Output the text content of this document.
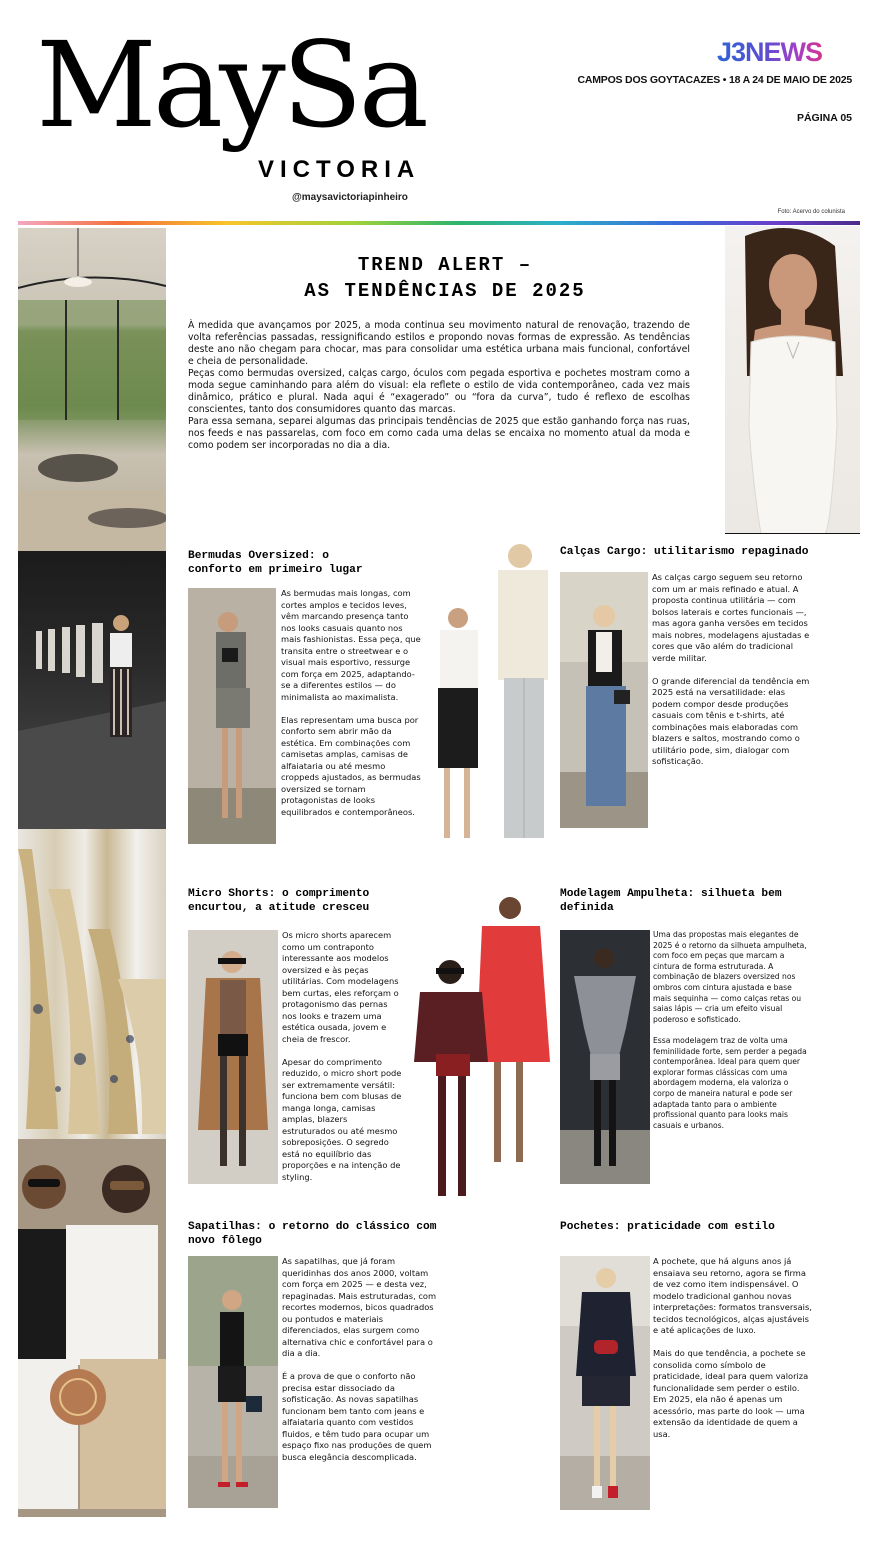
MaySa
VICTORIA
@maysavictoriapinheiro
J3NEWS
CAMPOS DOS GOYTACAZES • 18 A 24 DE MAIO DE 2025
PÁGINA 05
Foto: Acervo do colunista
TREND ALERT –
AS TENDÊNCIAS DE 2025

À medida que avançamos por 2025, a moda continua seu movimento natural de renovação, trazendo de volta referências passadas, ressignificando estilos e propondo novas formas de expressão. As tendências deste ano não chegam para chocar, mas para consolidar uma estética urbana mais funcional, confortável e cheia de personalidade.

Peças como bermudas oversized, calças cargo, óculos com pegada esportiva e pochetes mostram como a moda segue caminhando para além do visual: ela reflete o estilo de vida contemporâneo, cada vez mais dinâmico, prático e plural. Nada aqui é “exagerado” ou “fora da curva”, tudo é reflexo de escolhas conscientes, tanto dos consumidores quanto das marcas.

Para essa semana, separei algumas das principais tendências de 2025 que estão ganhando força nas ruas, nos feeds e nas passarelas, com foco em como cada uma delas se encaixa no momento atual da moda e como podem ser incorporadas no dia a dia.

Bermudas Oversized: o conforto em primeiro lugar

As bermudas mais longas, com cortes amplos e tecidos leves, vêm marcando presença tanto nos looks casuais quanto nos mais fashionistas. Essa peça, que transita entre o streetwear e o visual mais esportivo, ressurge com força em 2025, adaptando-se a diferentes estilos — do minimalista ao maximalista.

Elas representam uma busca por conforto sem abrir mão da estética. Em combinações com camisetas amplas, camisas de alfaiataria ou até mesmo croppeds ajustados, as bermudas oversized se tornam protagonistas de looks equilibrados e contemporâneos.

Calças Cargo: utilitarismo repaginado

As calças cargo seguem seu retorno com um ar mais refinado e atual. A proposta continua utilitária — com bolsos laterais e cortes funcionais —, mas agora ganha versões em tecidos mais nobres, modelagens ajustadas e cores que vão além do tradicional verde militar.

O grande diferencial da tendência em 2025 está na versatilidade: elas podem compor desde produções casuais com tênis e t-shirts, até combinações mais elaboradas com blazers e saltos, mostrando como o utilitário pode, sim, dialogar com sofisticação.

Micro Shorts: o comprimento encurtou, a atitude cresceu

Os micro shorts aparecem como um contraponto interessante aos modelos oversized e às peças utilitárias. Com modelagens bem curtas, eles reforçam o protagonismo das pernas nos looks e trazem uma estética ousada, jovem e cheia de frescor.

Apesar do comprimento reduzido, o micro short pode ser extremamente versátil: funciona bem com blusas de manga longa, camisas amplas, blazers estruturados ou até mesmo sobreposições. O segredo está no equilíbrio das proporções e na intenção de styling.

Modelagem Ampulheta: silhueta bem definida

Uma das propostas mais elegantes de 2025 é o retorno da silhueta ampulheta, com foco em peças que marcam a cintura de forma estruturada. A combinação de blazers oversized nos ombros com cintura ajustada e base mais sequinha — como calças retas ou saias lápis — cria um efeito visual poderoso e sofisticado.

Essa modelagem traz de volta uma feminilidade forte, sem perder a pegada contemporânea. Ideal para quem quer explorar formas clássicas com uma abordagem moderna, ela valoriza o corpo de maneira natural e pode ser adaptada tanto para o ambiente profissional quanto para looks mais casuais e urbanos.

Sapatilhas: o retorno do clássico com novo fôlego

As sapatilhas, que já foram queridinhas dos anos 2000, voltam com força em 2025 — e desta vez, repaginadas. Mais estruturadas, com recortes modernos, bicos quadrados ou pontudos e materiais diferenciados, elas surgem como alternativa chic e confortável para o dia a dia.

É a prova de que o conforto não precisa estar dissociado da sofisticação. As novas sapatilhas funcionam bem tanto com jeans e alfaiataria quanto com vestidos fluidos, e têm tudo para ocupar um espaço fixo nas produções de quem busca elegância descomplicada.

Pochetes: praticidade com estilo

A pochete, que há alguns anos já ensaiava seu retorno, agora se firma de vez como item indispensável. O modelo tradicional ganhou novas interpretações: formatos transversais, tecidos tecnológicos, alças ajustáveis e até aplicações de luxo.

Mais do que tendência, a pochete se consolida como símbolo de praticidade, ideal para quem valoriza funcionalidade sem perder o estilo. Em 2025, ela não é apenas um acessório, mas parte do look — uma extensão da identidade de quem a usa.
